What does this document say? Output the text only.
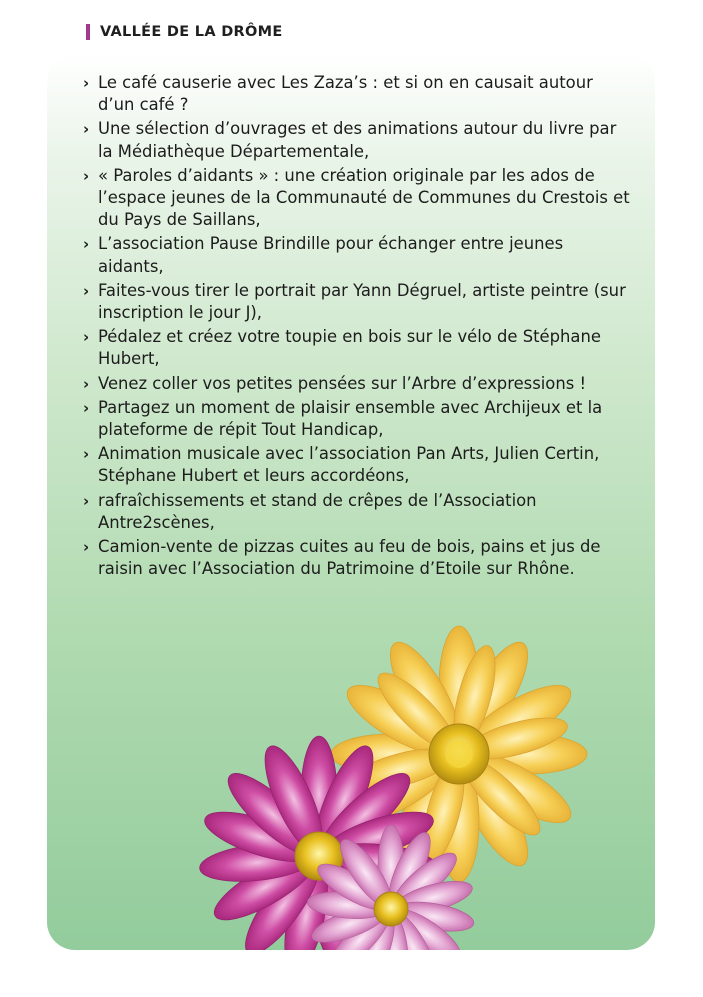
VALLÉE DE LA DRÔME
› Le café causerie avec Les Zaza’s : et si on en causait autour d’un café ?
› Une sélection d’ouvrages et des animations autour du livre par la Médiathèque Départementale,
› « Paroles d’aidants » : une création originale par les ados de l’espace jeunes de la Communauté de Communes du Crestois et du Pays de Saillans,
› L’association Pause Brindille pour échanger entre jeunes aidants,
› Faites-vous tirer le portrait par Yann Dégruel, artiste peintre (sur inscription le jour J),
› Pédalez et créez votre toupie en bois sur le vélo de Stéphane Hubert,
› Venez coller vos petites pensées sur l’Arbre d’expressions !
› Partagez un moment de plaisir ensemble avec Archijeux et la plateforme de répit Tout Handicap,
› Animation musicale avec l’association Pan Arts, Julien Certin, Stéphane Hubert et leurs accordéons,
› rafraîchissements et stand de crêpes de l’Association Antre2scènes,
› Camion-vente de pizzas cuites au feu de bois, pains et jus de raisin avec l’Association du Patrimoine d’Etoile sur Rhône.
